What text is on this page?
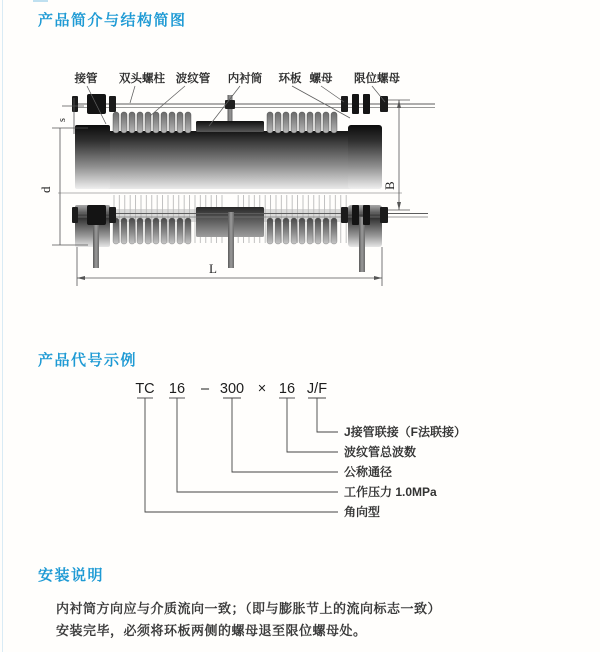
产品简介与结构简图
s
d	B
L
接管 双头螺柱 波纹管 内衬筒 环板 螺母 限位螺母
产品代号示例
TC 16 – 300 × 16 J/F
J接管联接（F法联接）
波纹管总波数
公称通径
工作压力 1.0MPa
角向型
安装说明
内衬筒方向应与介质流向一致；（即与膨胀节上的流向标志一致）
安装完毕，必须将环板两侧的螺母退至限位螺母处。
